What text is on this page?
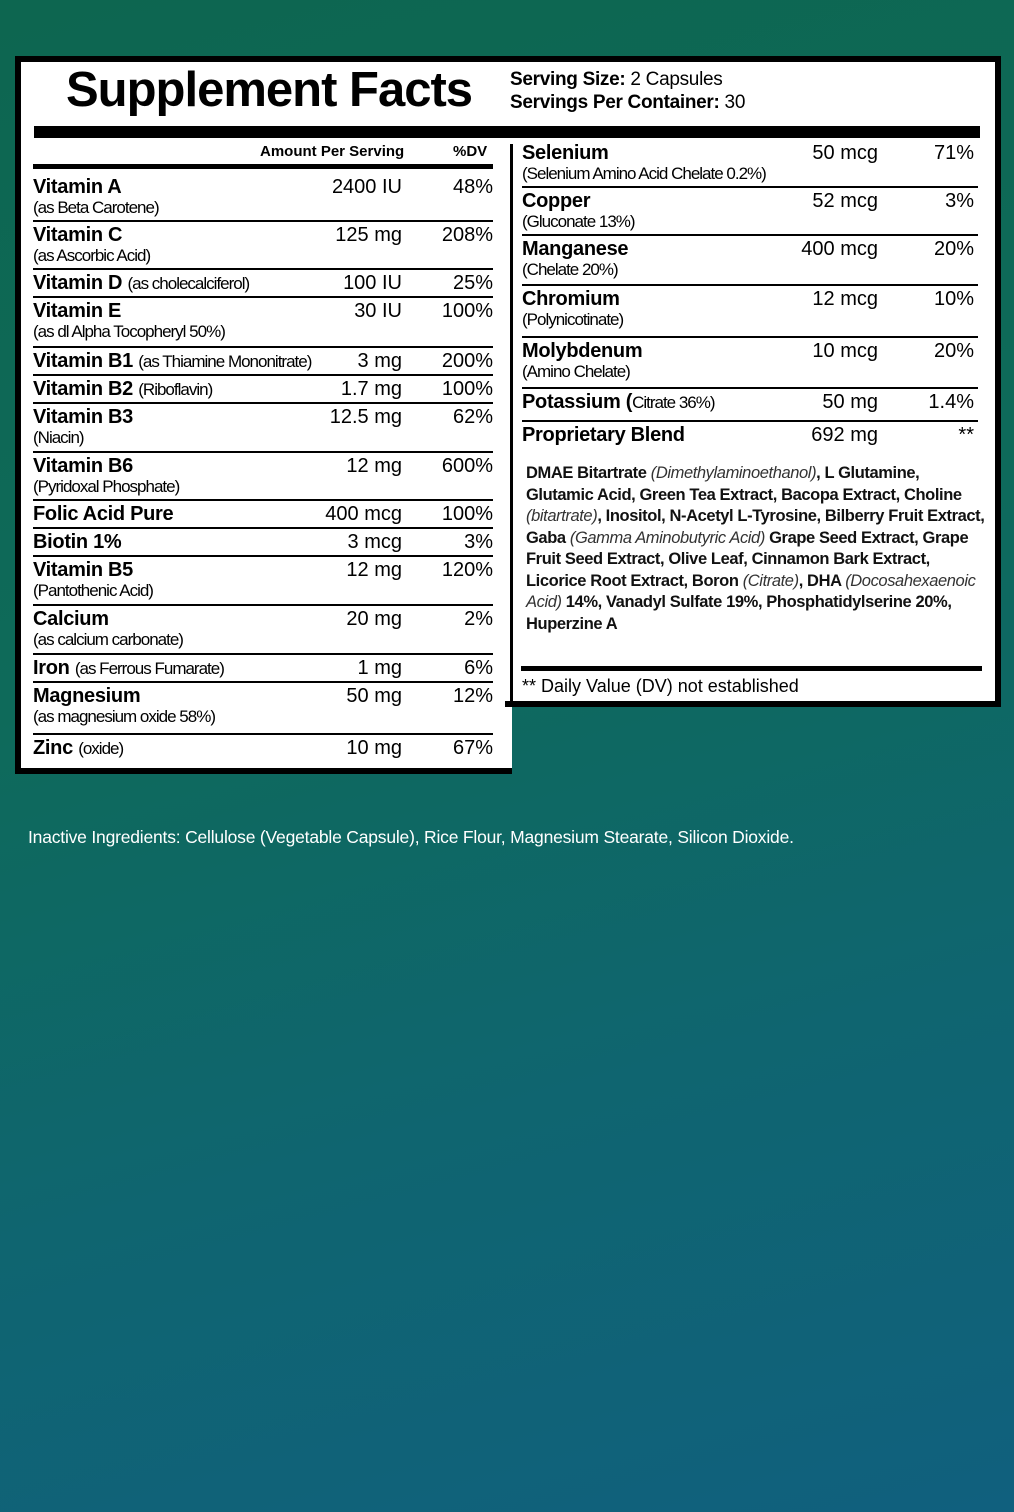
Supplement Facts Serving Size: 2 Capsules
Servings Per Container: 30
Amount Per Serving	%DV
Vitamin A
(as Beta Carotene)
2400 IU	48%
Vitamin C
(as Ascorbic Acid)
125 mg 208%
Vitamin D (as cholecalciferol)	100 IU	25%
Vitamin E
(as dl Alpha Tocopheryl 50%)
30 IU 100%
Vitamin B1 (as Thiamine Mononitrate) 3 mg 200%
Vitamin B2 (Riboflavin)	1.7 mg 100%
Vitamin B3
(Niacin)
12.5 mg	62%
Vitamin B6
(Pyridoxal Phosphate)
12 mg 600%
Folic Acid Pure	400 mcg 100%
Biotin 1%	3 mcg	3%
Vitamin B5
(Pantothenic Acid)
12 mg 120%
Calcium
(as calcium carbonate)
20 mg	2%
Iron (as Ferrous Fumarate)	1 mg	6%
Magnesium
(as magnesium oxide 58%)
50 mg	12%
Zinc (oxide)	10 mg	67%
Selenium
(Selenium Amino Acid Chelate 0.2%)
50 mcg	71%
Copper
(Gluconate 13%)
52 mcg	3%
Manganese
(Chelate 20%)
400 mcg	20%
Chromium
(Polynicotinate)
12 mcg	10%
Molybdenum
(Amino Chelate)
10 mcg	20%
Potassium (Citrate 36%)	50 mg	1.4%
Proprietary Blend	692 mg	**
DMAE Bitartrate (Dimethylaminoethanol), L Glutamine, Glutamic Acid, Green Tea Extract, Bacopa Extract, Choline (bitartrate), Inositol, N-Acetyl L-Tyrosine, Bilberry Fruit Extract, Gaba (Gamma Aminobutyric Acid) Grape Seed Extract, Grape Fruit Seed Extract, Olive Leaf, Cinnamon Bark Extract, Licorice Root Extract, Boron (Citrate), DHA (Docosahexaenoic Acid) 14%, Vanadyl Sulfate 19%, Phosphatidylserine 20%, Huperzine A
** Daily Value (DV) not established
Inactive Ingredients: Cellulose (Vegetable Capsule), Rice Flour, Magnesium Stearate, Silicon Dioxide.
